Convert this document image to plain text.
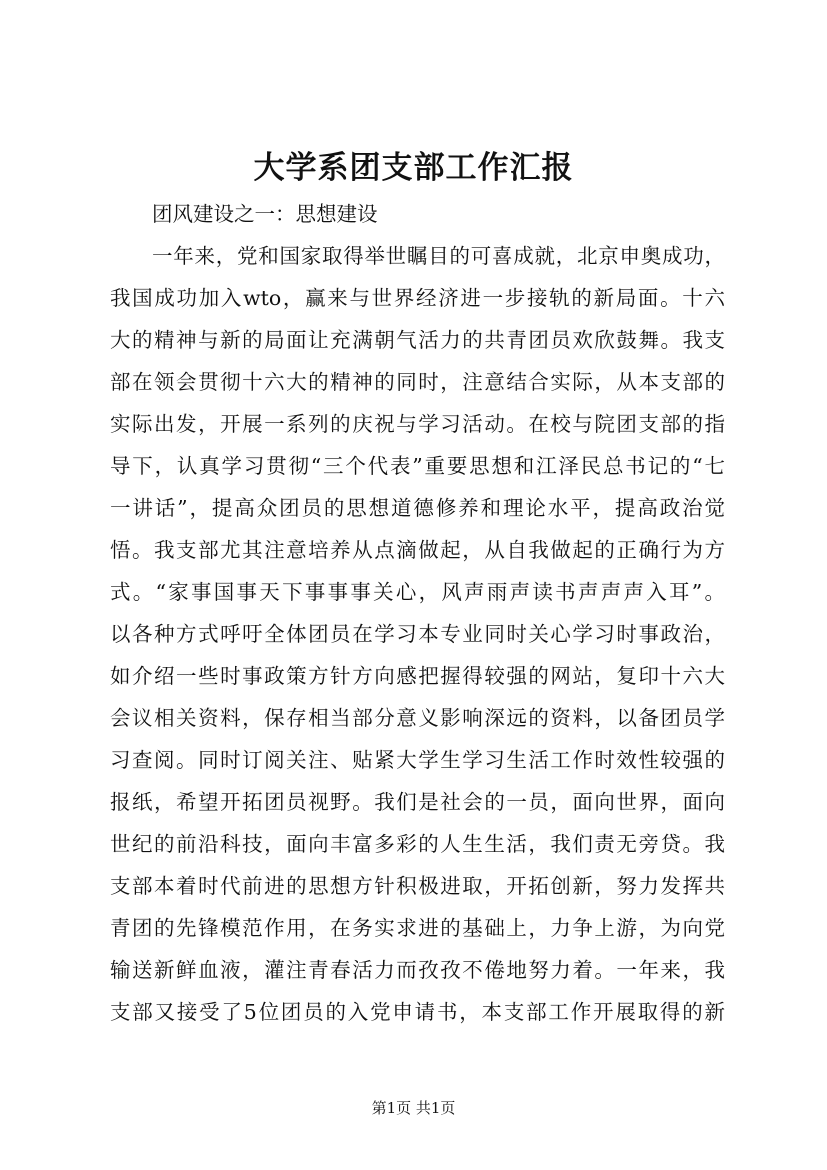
大学系团支部工作汇报
团风建设之一：思想建设
一年来，党和国家取得举世瞩目的可喜成就，北京申奥成功，
我国成功加入wto，赢来与世界经济进一步接轨的新局面。十六
大的精神与新的局面让充满朝气活力的共青团员欢欣鼓舞。我支
部在领会贯彻十六大的精神的同时，注意结合实际，从本支部的
实际出发，开展一系列的庆祝与学习活动。在校与院团支部的指
导下，认真学习贯彻“三个代表”重要思想和江泽民总书记的“七
一讲话”，提高众团员的思想道德修养和理论水平，提高政治觉
悟。我支部尤其注意培养从点滴做起，从自我做起的正确行为方
式。“家事国事天下事事事关心，风声雨声读书声声声入耳”。
以各种方式呼吁全体团员在学习本专业同时关心学习时事政治，
如介绍一些时事政策方针方向感把握得较强的网站，复印十六大
会议相关资料，保存相当部分意义影响深远的资料，以备团员学
习查阅。同时订阅关注、贴紧大学生学习生活工作时效性较强的
报纸，希望开拓团员视野。我们是社会的一员，面向世界，面向
世纪的前沿科技，面向丰富多彩的人生生活，我们责无旁贷。我
支部本着时代前进的思想方针积极进取，开拓创新，努力发挥共
青团的先锋模范作用，在务实求进的基础上，力争上游，为向党
输送新鲜血液，灌注青春活力而孜孜不倦地努力着。一年来，我
支部又接受了5位团员的入党申请书，本支部工作开展取得的新
第1页 共1页
